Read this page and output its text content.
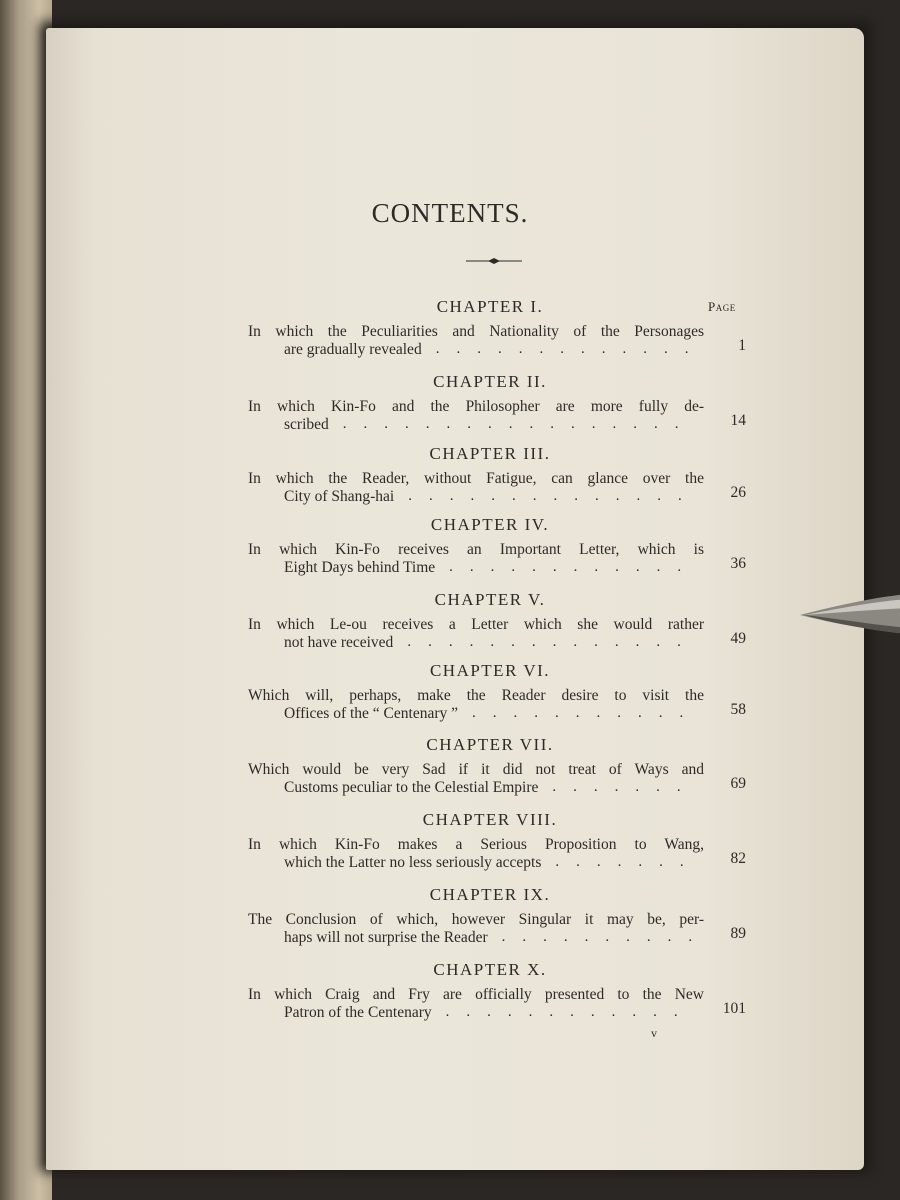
CONTENTS.
Page
CHAPTER I.
In which the Peculiarities and Nationality of the Personages
are gradually revealed	1
.............
CHAPTER II.
In which Kin-Fo and the Philosopher are more fully de-
scribed	14
.................
CHAPTER III.
In which the Reader, without Fatigue, can glance over the
City of Shang-hai	26
..............
CHAPTER IV.
In which Kin-Fo receives an Important Letter, which is
Eight Days behind Time	36
............
CHAPTER V.
In which Le-ou receives a Letter which she would rather
not have received	49
..............
CHAPTER VI.
Which will, perhaps, make the Reader desire to visit the
Offices of the “ Centenary ”	58
...........
CHAPTER VII.
Which would be very Sad if it did not treat of Ways and
Customs peculiar to the Celestial Empire	69
.......
CHAPTER VIII.
In which Kin-Fo makes a Serious Proposition to Wang,
which the Latter no less seriously accepts	82
.......
CHAPTER IX.
The Conclusion of which, however Singular it may be, per-
haps will not surprise the Reader	89
..........
CHAPTER X.
In which Craig and Fry are officially presented to the New
Patron of the Centenary	101
............
v
